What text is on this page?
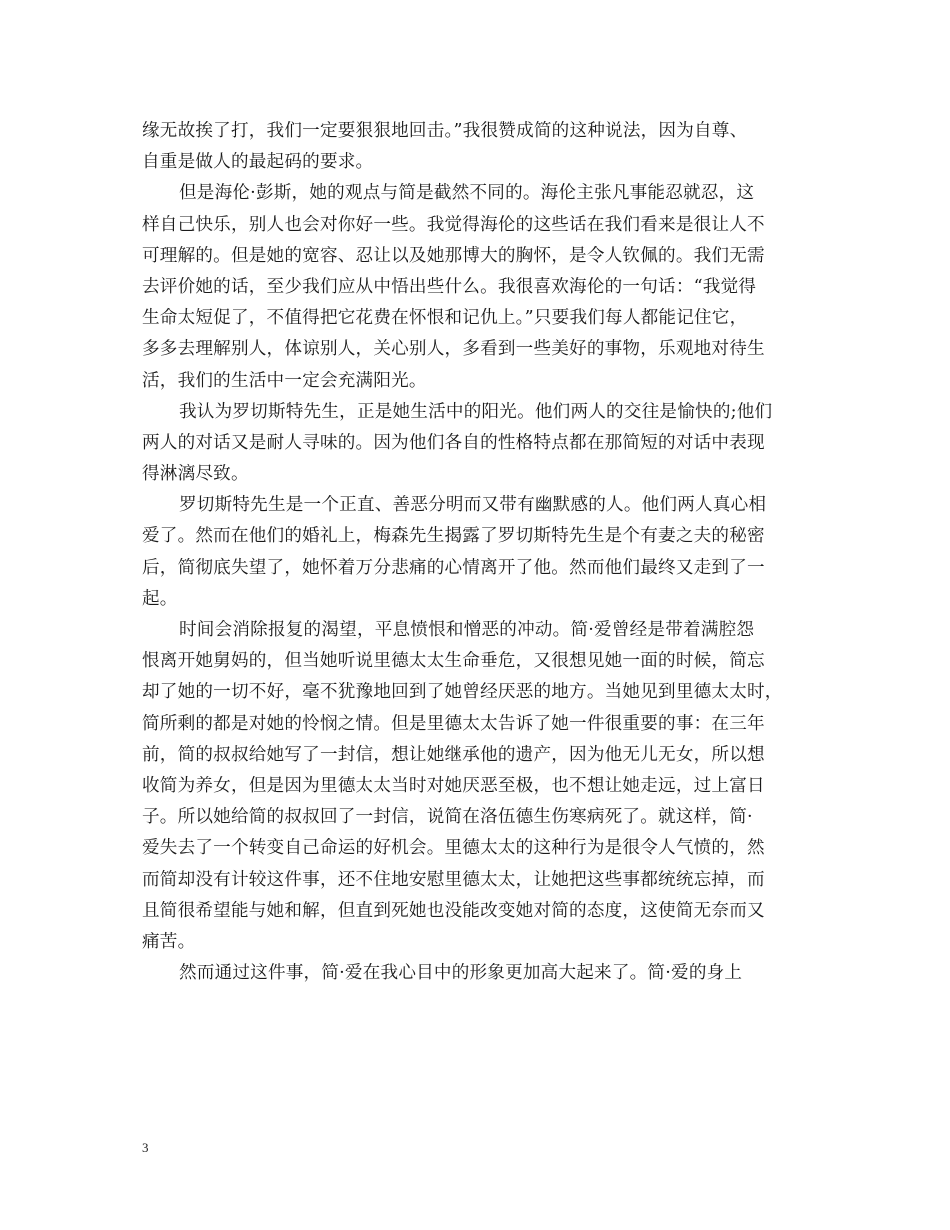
缘无故挨了打，我们一定要狠狠地回击。”我很赞成简的这种说法，因为自尊、
自重是做人的最起码的要求。
但是海伦·彭斯，她的观点与简是截然不同的。海伦主张凡事能忍就忍，这
样自己快乐，别人也会对你好一些。我觉得海伦的这些话在我们看来是很让人不
可理解的。但是她的宽容、忍让以及她那博大的胸怀，是令人钦佩的。我们无需
去评价她的话，至少我们应从中悟出些什么。我很喜欢海伦的一句话：“我觉得
生命太短促了，不值得把它花费在怀恨和记仇上。”只要我们每人都能记住它，
多多去理解别人，体谅别人，关心别人，多看到一些美好的事物，乐观地对待生
活，我们的生活中一定会充满阳光。
我认为罗切斯特先生，正是她生活中的阳光。他们两人的交往是愉快的;他们
两人的对话又是耐人寻味的。因为他们各自的性格特点都在那简短的对话中表现
得淋漓尽致。
罗切斯特先生是一个正直、善恶分明而又带有幽默感的人。他们两人真心相
爱了。然而在他们的婚礼上，梅森先生揭露了罗切斯特先生是个有妻之夫的秘密
后，简彻底失望了，她怀着万分悲痛的心情离开了他。然而他们最终又走到了一
起。
时间会消除报复的渴望，平息愤恨和憎恶的冲动。简·爱曾经是带着满腔怨
恨离开她舅妈的，但当她听说里德太太生命垂危，又很想见她一面的时候，简忘
却了她的一切不好，毫不犹豫地回到了她曾经厌恶的地方。当她见到里德太太时，
简所剩的都是对她的怜悯之情。但是里德太太告诉了她一件很重要的事：在三年
前，简的叔叔给她写了一封信，想让她继承他的遗产，因为他无儿无女，所以想
收简为养女，但是因为里德太太当时对她厌恶至极，也不想让她走远，过上富日
子。所以她给简的叔叔回了一封信，说简在洛伍德生伤寒病死了。就这样，简·
爱失去了一个转变自己命运的好机会。里德太太的这种行为是很令人气愤的，然
而简却没有计较这件事，还不住地安慰里德太太，让她把这些事都统统忘掉，而
且简很希望能与她和解，但直到死她也没能改变她对简的态度，这使简无奈而又
痛苦。
然而通过这件事，简·爱在我心目中的形象更加高大起来了。简·爱的身上
3
